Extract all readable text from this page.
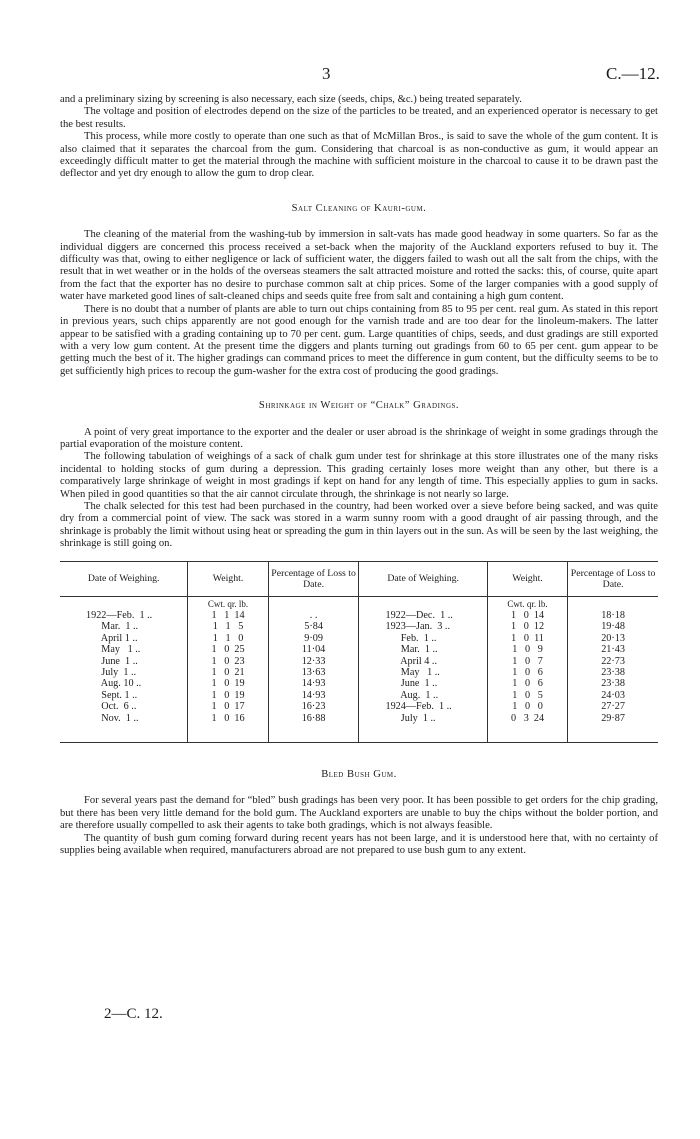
3	C.—12.

and a preliminary sizing by screening is also necessary, each size (seeds, chips, &c.) being treated separately.

The voltage and position of electrodes depend on the size of the particles to be treated, and an experienced operator is necessary to get the best results.

This process, while more costly to operate than one such as that of McMillan Bros., is said to save the whole of the gum content. It is also claimed that it separates the charcoal from the gum. Considering that charcoal is as non-conductive as gum, it would appear an exceedingly difficult matter to get the material through the machine with sufficient moisture in the charcoal to cause it to be drawn past the deflector and yet dry enough to allow the gum to drop clear.

Salt Cleaning of Kauri-gum.

The cleaning of the material from the washing-tub by immersion in salt-vats has made good headway in some quarters. So far as the individual diggers are concerned this process received a set-back when the majority of the Auckland exporters refused to buy it. The difficulty was that, owing to either negligence or lack of sufficient water, the diggers failed to wash out all the salt from the chips, with the result that in wet weather or in the holds of the overseas steamers the salt attracted moisture and rotted the sacks: this, of course, quite apart from the fact that the exporter has no desire to purchase common salt at chip prices. Some of the larger companies with a good supply of water have marketed good lines of salt-cleaned chips and seeds quite free from salt and containing a high gum content.

There is no doubt that a number of plants are able to turn out chips containing from 85 to 95 per cent. real gum. As stated in this report in previous years, such chips apparently are not good enough for the varnish trade and are too dear for the linoleum-makers. The latter appear to be satisfied with a grading containing up to 70 per cent. gum. Large quantities of chips, seeds, and dust gradings are still exported with a very low gum content. At the present time the diggers and plants turning out gradings from 60 to 65 per cent. gum appear to be getting much the best of it. The higher gradings can command prices to meet the difference in gum content, but the difficulty seems to be to get sufficiently high prices to recoup the gum-washer for the extra cost of producing the good gradings.

Shrinkage in Weight of “Chalk” Gradings.

A point of very great importance to the exporter and the dealer or user abroad is the shrinkage of weight in some gradings through the partial evaporation of the moisture content.

The following tabulation of weighings of a sack of chalk gum under test for shrinkage at this store illustrates one of the many risks incidental to holding stocks of gum during a depression. This grading certainly loses more weight than any other, but there is a comparatively large shrinkage of weight in most gradings if kept on hand for any length of time. This especially applies to gum in sacks. When piled in good quantities so that the air cannot circulate through, the shrinkage is not nearly so large.

The chalk selected for this test had been purchased in the country, had been worked over a sieve before being sacked, and was quite dry from a commercial point of view. The sack was stored in a warm sunny room with a good draught of air passing through, and the shrinkage is probably the limit without using heat or spreading the gum in thin layers out in the sun. As will be seen by the last weighing, the shrinkage is still going on.

Date of Weighing.	Weight.	Percentage of Loss to Date.	Date of Weighing.	Weight.	Percentage of Loss to Date.
	Cwt. qr. lb.			Cwt. qr. lb.	
1922—Feb.  1 ..	1   1  14	. .	1922—Dec.  1 ..	1   0  14	18·18
Mar.  1 ..	1   1   5	5·84	1923—Jan.  3 ..	1   0  12	19·48
April 1 ..	1   1   0	9·09	Feb.  1 ..	1   0  11	20·13
May   1 ..	1   0  25	11·04	Mar.  1 ..	1   0   9	21·43
June  1 ..	1   0  23	12·33	April 4 ..	1   0   7	22·73
July  1 ..	1   0  21	13·63	May   1 ..	1   0   6	23·38
Aug. 10 ..	1   0  19	14·93	June  1 ..	1   0   6	23·38
Sept. 1 ..	1   0  19	14·93	Aug.  1 ..	1   0   5	24·03
Oct.  6 ..	1   0  17	16·23	1924—Feb.  1 ..	1   0   0	27·27
Nov.  1 ..	1   0  16	16·88	July  1 ..	0   3  24	29·87
Bled Bush Gum.

For several years past the demand for “bled” bush gradings has been very poor. It has been possible to get orders for the chip grading, but there has been very little demand for the bold gum. The Auckland exporters are unable to buy the chips without the bolder portion, and are therefore usually compelled to ask their agents to take both gradings, which is not always feasible.

The quantity of bush gum coming forward during recent years has not been large, and it is understood here that, with no certainty of supplies being available when required, manufacturers abroad are not prepared to use bush gum to any extent.

2—C. 12.
